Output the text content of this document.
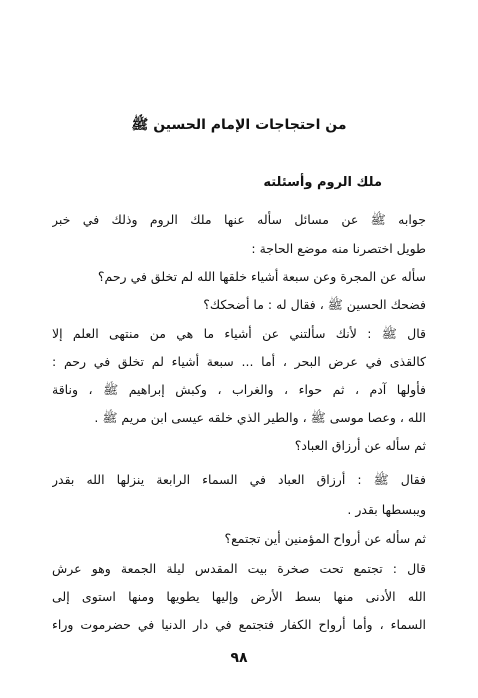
من احتجاجات الإمام الحسين ﷺ
ملك الروم وأسئلته
جوابه ﷺ عن مسائل سأله عنها ملك الروم وذلك في خبر
طويل اختصرنا منه موضع الحاجة :
سأله عن المجرة وعن سبعة أشياء خلقها الله لم تخلق في رحم؟
فضحك الحسين ﷺ ، فقال له : ما أضحكك؟
قال ﷺ : لأنك سألتني عن أشياء ما هي من منتهى العلم إلا
كالقذى في عرض البحر ، أما ... سبعة أشياء لم تخلق في رحم :
فأولها آدم ، ثم حواء ، والغراب ، وكبش إبراهيم ﷺ ، وناقة
الله ، وعصا موسى ﷺ ، والطير الذي خلقه عيسى ابن مريم ﷺ .
ثم سأله عن أرزاق العباد؟
فقال ﷺ : أرزاق العباد في السماء الرابعة ينزلها الله بقدر
ويبسطها بقدر .
ثم سأله عن أرواح المؤمنين أين تجتمع؟
قال : تجتمع تحت صخرة بيت المقدس ليلة الجمعة وهو عرش
الله الأدنى منها بسط الأرض وإليها يطويها ومنها استوى إلى
السماء ، وأما أرواح الكفار فتجتمع في دار الدنيا في حضرموت وراء
٩٨
